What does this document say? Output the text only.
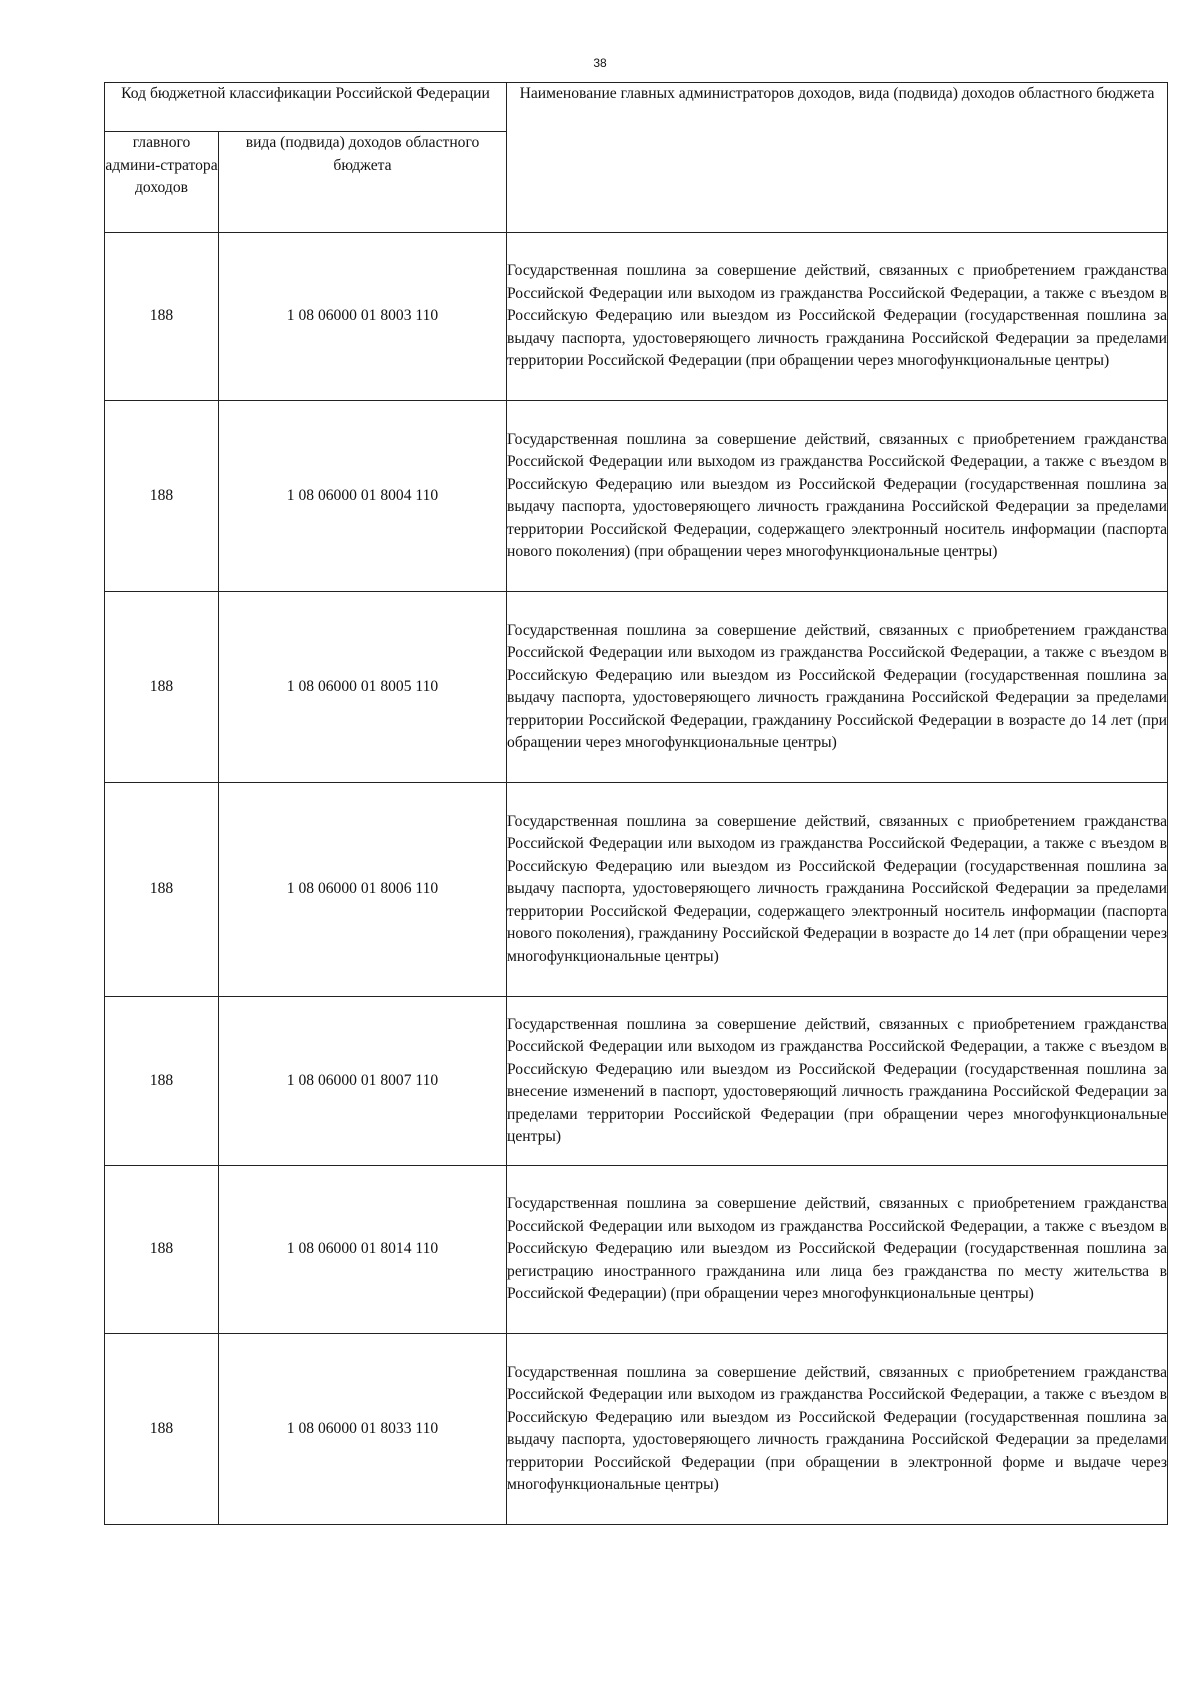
38
Код бюджетной классификации Российской Федерации		Наименование главных администраторов доходов, вида (подвида) доходов областного бюджета
главного админи-стратора доходов	вида (подвида) доходов областного бюджета	
188	1 08 06000 01 8003 110	Государственная пошлина за совершение действий, связанных с приобретением гражданства Российской Федерации или выходом из гражданства Российской Федерации, а также с въездом в Российскую Федерацию или выездом из Российской Федерации (государственная пошлина за выдачу паспорта, удостоверяющего личность гражданина Российской Федерации за пределами территории Российской Федерации (при обращении через многофункциональные центры)
188	1 08 06000 01 8004 110	Государственная пошлина за совершение действий, связанных с приобретением гражданства Российской Федерации или выходом из гражданства Российской Федерации, а также с въездом в Российскую Федерацию или выездом из Российской Федерации (государственная пошлина за выдачу паспорта, удостоверяющего личность гражданина Российской Федерации за пределами территории Российской Федерации, содержащего электронный носитель информации (паспорта нового поколения) (при обращении через многофункциональные центры)
188	1 08 06000 01 8005 110	Государственная пошлина за совершение действий, связанных с приобретением гражданства Российской Федерации или выходом из гражданства Российской Федерации, а также с въездом в Российскую Федерацию или выездом из Российской Федерации (государственная пошлина за выдачу паспорта, удостоверяющего личность гражданина Российской Федерации за пределами территории Российской Федерации, гражданину Российской Федерации в возрасте до 14 лет (при обращении через многофункциональные центры)
188	1 08 06000 01 8006 110	Государственная пошлина за совершение действий, связанных с приобретением гражданства Российской Федерации или выходом из гражданства Российской Федерации, а также с въездом в Российскую Федерацию или выездом из Российской Федерации (государственная пошлина за выдачу паспорта, удостоверяющего личность гражданина Российской Федерации за пределами территории Российской Федерации, содержащего электронный носитель информации (паспорта нового поколения), гражданину Российской Федерации в возрасте до 14 лет (при обращении через многофункциональные центры)
188	1 08 06000 01 8007 110	Государственная пошлина за совершение действий, связанных с приобретением гражданства Российской Федерации или выходом из гражданства Российской Федерации, а также с въездом в Российскую Федерацию или выездом из Российской Федерации (государственная пошлина за внесение изменений в паспорт, удостоверяющий личность гражданина Российской Федерации за пределами территории Российской Федерации (при обращении через многофункциональные центры)
188	1 08 06000 01 8014 110	Государственная пошлина за совершение действий, связанных с приобретением гражданства Российской Федерации или выходом из гражданства Российской Федерации, а также с въездом в Российскую Федерацию или выездом из Российской Федерации (государственная пошлина за регистрацию иностранного гражданина или лица без гражданства по месту жительства в Российской Федерации) (при обращении через многофункциональные центры)
188	1 08 06000 01 8033 110	Государственная пошлина за совершение действий, связанных с приобретением гражданства Российской Федерации или выходом из гражданства Российской Федерации, а также с въездом в Российскую Федерацию или выездом из Российской Федерации (государственная пошлина за выдачу паспорта, удостоверяющего личность гражданина Российской Федерации за пределами территории Российской Федерации (при обращении в электронной форме и выдаче через многофункциональные центры)
